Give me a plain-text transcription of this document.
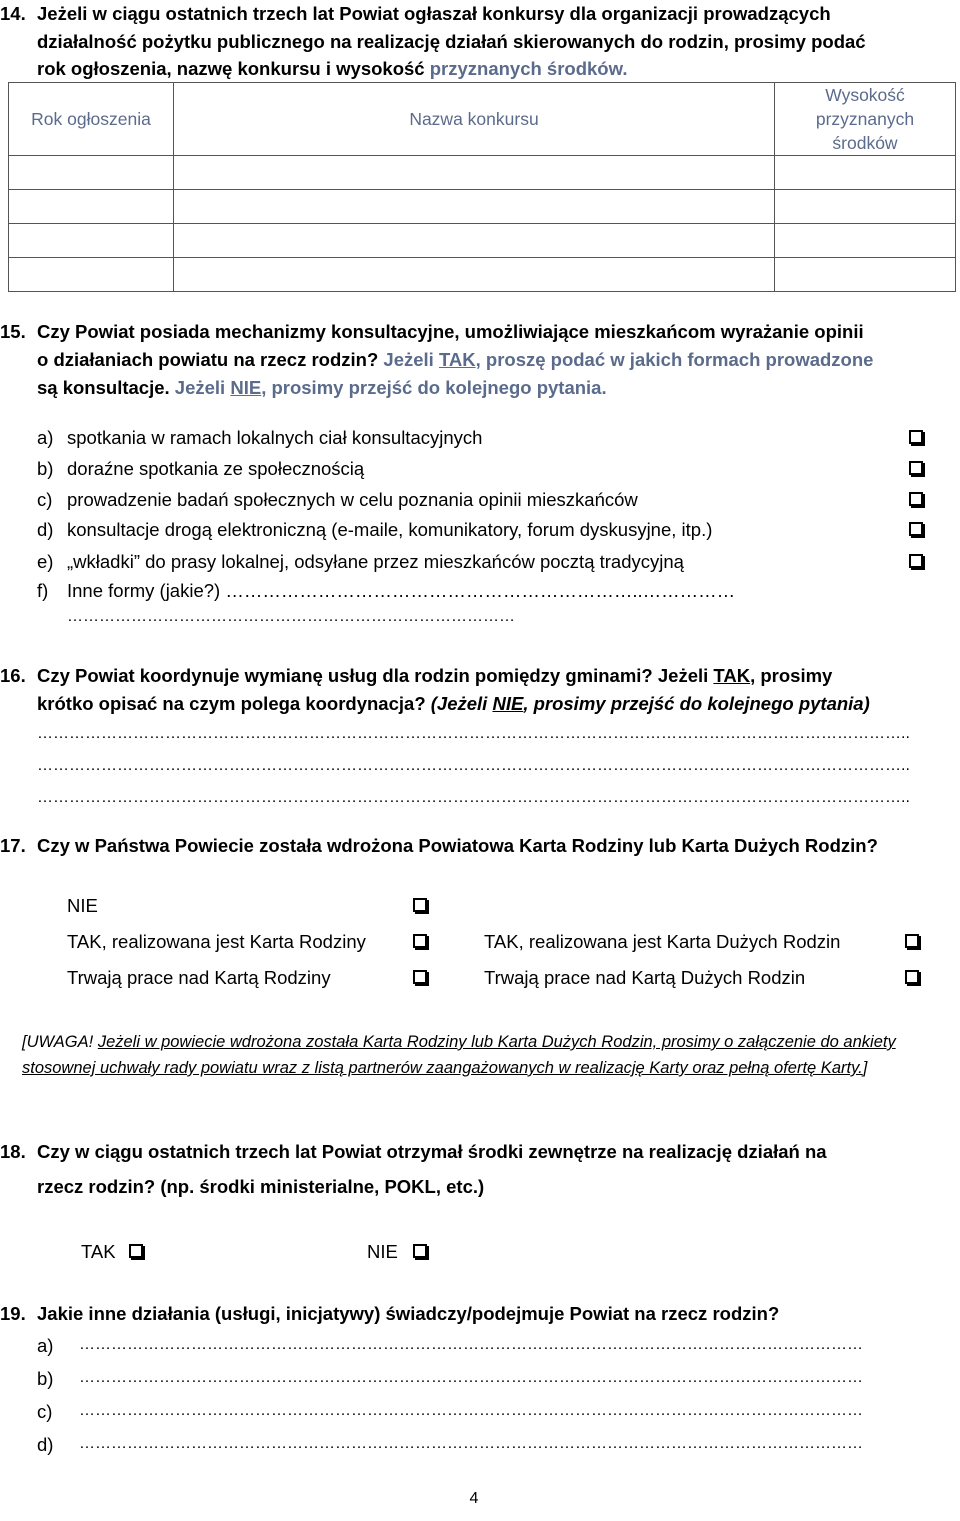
14. Jeżeli w ciągu ostatnich trzech lat Powiat ogłaszał konkursy dla organizacji prowadzących
działalność pożytku publicznego na realizację działań skierowanych do rodzin, prosimy podać
rok ogłoszenia, nazwę konkursu i wysokość przyznanych środków.
Rok ogłoszenia	Nazwa konkursu	Wysokość
przyznanych
środków

15. Czy Powiat posiada mechanizmy konsultacyjne, umożliwiające mieszkańcom wyrażanie opinii
o działaniach powiatu na rzecz rodzin? Jeżeli TAK, proszę podać w jakich formach prowadzone
są konsultacje. Jeżeli NIE, prosimy przejść do kolejnego pytania.
a) spotkania w ramach lokalnych ciał konsultacyjnych
b) doraźne spotkania ze społecznością
c) prowadzenie badań społecznych w celu poznania opinii mieszkańców
d) konsultacje drogą elektroniczną (e-maile, komunikatory, forum dyskusyjne, itp.)
e) „wkładki” do prasy lokalnej, odsyłane przez mieszkańców pocztą tradycyjną
f) Inne formy (jakie?) …………………………………………………………..……………
…………………………………………………………………………
16. Czy Powiat koordynuje wymianę usług dla rodzin pomiędzy gminami? Jeżeli TAK, prosimy
krótko opisać na czym polega koordynacja? (Jeżeli NIE, prosimy przejść do kolejnego pytania)
………………………………………………………………………………………………………………………………………………..
………………………………………………………………………………………………………………………………………………..
………………………………………………………………………………………………………………………………………………..
17. Czy w Państwa Powiecie została wdrożona Powiatowa Karta Rodziny lub Karta Dużych Rodzin?
NIE
TAK, realizowana jest Karta Rodziny	TAK, realizowana jest Karta Dużych Rodzin
Trwają prace nad Kartą Rodziny	Trwają prace nad Kartą Dużych Rodzin
[UWAGA! Jeżeli w powiecie wdrożona została Karta Rodziny lub Karta Dużych Rodzin, prosimy o załączenie do ankiety stosownej uchwały rady powiatu wraz z listą partnerów zaangażowanych w realizację Karty oraz pełną ofertę Karty.]
18. Czy w ciągu ostatnich trzech lat Powiat otrzymał środki zewnętrze na realizację działań na
rzecz rodzin? (np. środki ministerialne, POKL, etc.)
TAK	NIE
19. Jakie inne działania (usługi, inicjatywy) świadczy/podejmuje Powiat na rzecz rodzin?
a) …………………………………………………………………………………………………………………………………
b) …………………………………………………………………………………………………………………………………
c) …………………………………………………………………………………………………………………………………
d) …………………………………………………………………………………………………………………………………
4
